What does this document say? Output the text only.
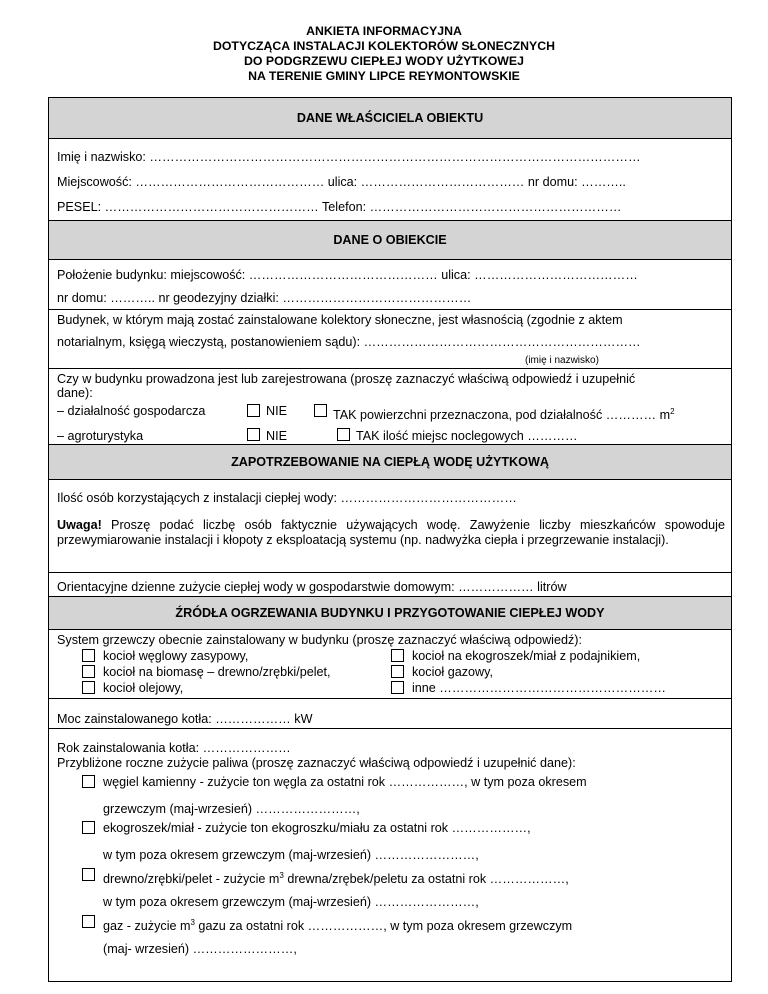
ANKIETA INFORMACYJNA
DOTYCZĄCA INSTALACJI KOLEKTORÓW SŁONECZNYCH
DO PODGRZEWU CIEPŁEJ WODY UŻYTKOWEJ
NA TERENIE GMINY LIPCE REYMONTOWSKIE
DANE WŁAŚCICIELA OBIEKTU
Imię i nazwisko: ………………………………………………………………………………………………………
Miejscowość: ……………………………………… ulica: ………………………………… nr domu: ………..
PESEL: …………………………………………… Telefon: ……………………………………………………
DANE O OBIEKCIE
Położenie budynku: miejscowość: ……………………………………… ulica: …………………………………
nr domu: ……….. nr geodezyjny działki: ………………………………………
Budynek, w którym mają zostać zainstalowane kolektory słoneczne, jest własnością (zgodnie z aktem
notarialnym, księgą wieczystą, postanowieniem sądu): …………………………………………………………
(imię i nazwisko)
Czy w budynku prowadzona jest lub zarejestrowana (proszę zaznaczyć właściwą odpowiedź i uzupełnić
dane):
– działalność gospodarcza	NIE	TAK powierzchni przeznaczona, pod działalność ………… $m^2$
– agroturystyka	NIE	TAK ilość miejsc noclegowych …………
ZAPOTRZEBOWANIE NA CIEPŁĄ WODĘ UŻYTKOWĄ
Ilość osób korzystających z instalacji ciepłej wody: ……………………………………
Uwaga! Proszę podać liczbę osób faktycznie używających wodę. Zawyżenie liczby mieszkańców spowoduje przewymiarowanie instalacji i kłopoty z eksploatacją systemu (np. nadwyżka ciepła i przegrzewanie instalacji).
Orientacyjne dzienne zużycie ciepłej wody w gospodarstwie domowym: ……………… litrów
ŹRÓDŁA OGRZEWANIA BUDYNKU I PRZYGOTOWANIE CIEPŁEJ WODY
System grzewczy obecnie zainstalowany w budynku (proszę zaznaczyć właściwą odpowiedź):
kocioł węglowy zasypowy,	kocioł na ekogroszek/miał z podajnikiem,
kocioł na biomasę – drewno/zrębki/pelet,	kocioł gazowy,
kocioł olejowy,	inne ………………………………………………
Moc zainstalowanego kotła: ……………… kW
Rok zainstalowania kotła: …………………
Przybliżone roczne zużycie paliwa (proszę zaznaczyć właściwą odpowiedź i uzupełnić dane):
węgiel kamienny - zużycie ton węgla za ostatni rok ………………, w tym poza okresem
grzewczym (maj-wrzesień) ……………………,
ekogroszek/miał - zużycie ton ekogroszku/miału za ostatni rok ………………,
w tym poza okresem grzewczym (maj-wrzesień) ……………………,
drewno/zrębki/pelet - zużycie $m^3$ drewna/zrębek/peletu za ostatni rok ………………,
w tym poza okresem grzewczym (maj-wrzesień) ……………………,
gaz - zużycie $m^3$ gazu za ostatni rok ………………, w tym poza okresem grzewczym
(maj- wrzesień) ……………………,
